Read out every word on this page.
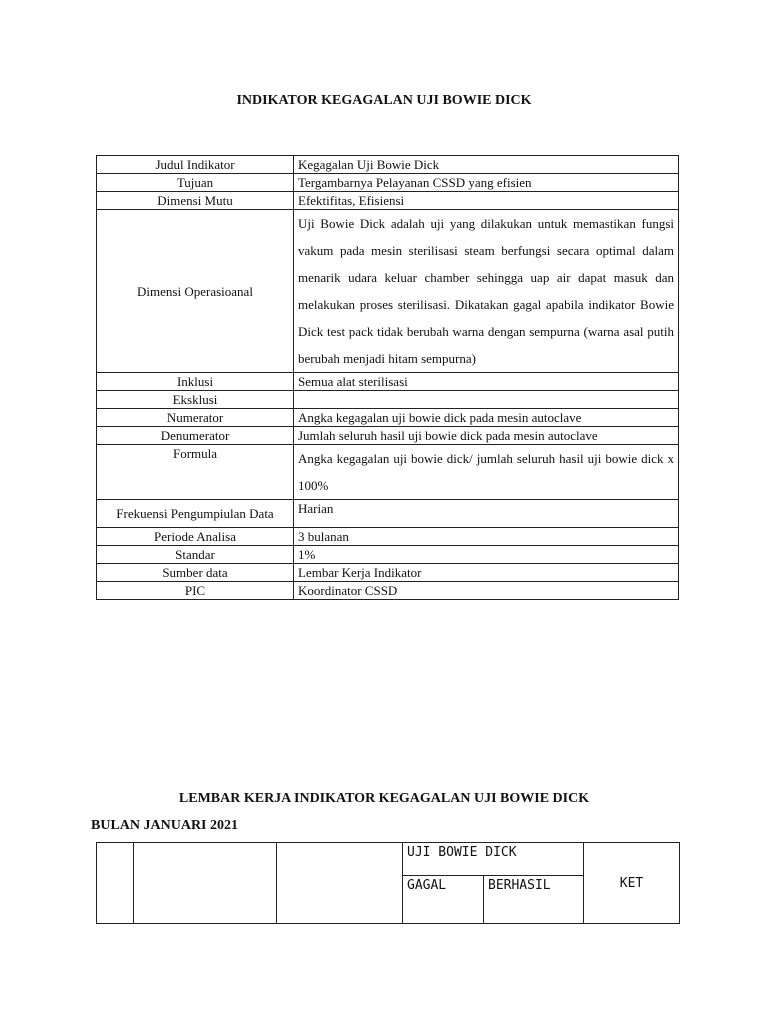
INDIKATOR KEGAGALAN UJI BOWIE DICK
Judul Indikator	Kegagalan Uji Bowie Dick
Tujuan	Tergambarnya Pelayanan CSSD yang efisien
Dimensi Mutu	Efektifitas, Efisiensi
Dimensi Operasioanal	Uji Bowie Dick adalah uji yang dilakukan untuk memastikan fungsi vakum pada mesin sterilisasi steam berfungsi secara optimal dalam menarik udara keluar chamber sehingga uap air dapat masuk dan melakukan proses sterilisasi. Dikatakan gagal apabila indikator Bowie Dick test pack tidak berubah warna dengan sempurna (warna asal putih berubah menjadi hitam sempurna)
Inklusi	Semua alat sterilisasi
Eksklusi	
Numerator	Angka kegagalan uji bowie dick pada mesin autoclave
Denumerator	Jumlah seluruh hasil uji bowie dick pada mesin autoclave
Formula	Angka kegagalan uji bowie dick/ jumlah seluruh hasil uji bowie dick x 100%
Frekuensi Pengumpiulan Data	Harian
Periode Analisa	3 bulanan
Standar	1%
Sumber data	Lembar Kerja Indikator
PIC	Koordinator CSSD
LEMBAR KERJA INDIKATOR KEGAGALAN UJI BOWIE DICK
BULAN JANUARI 2021
			UJI BOWIE DICK		KET
			GAGAL	BERHASIL	
